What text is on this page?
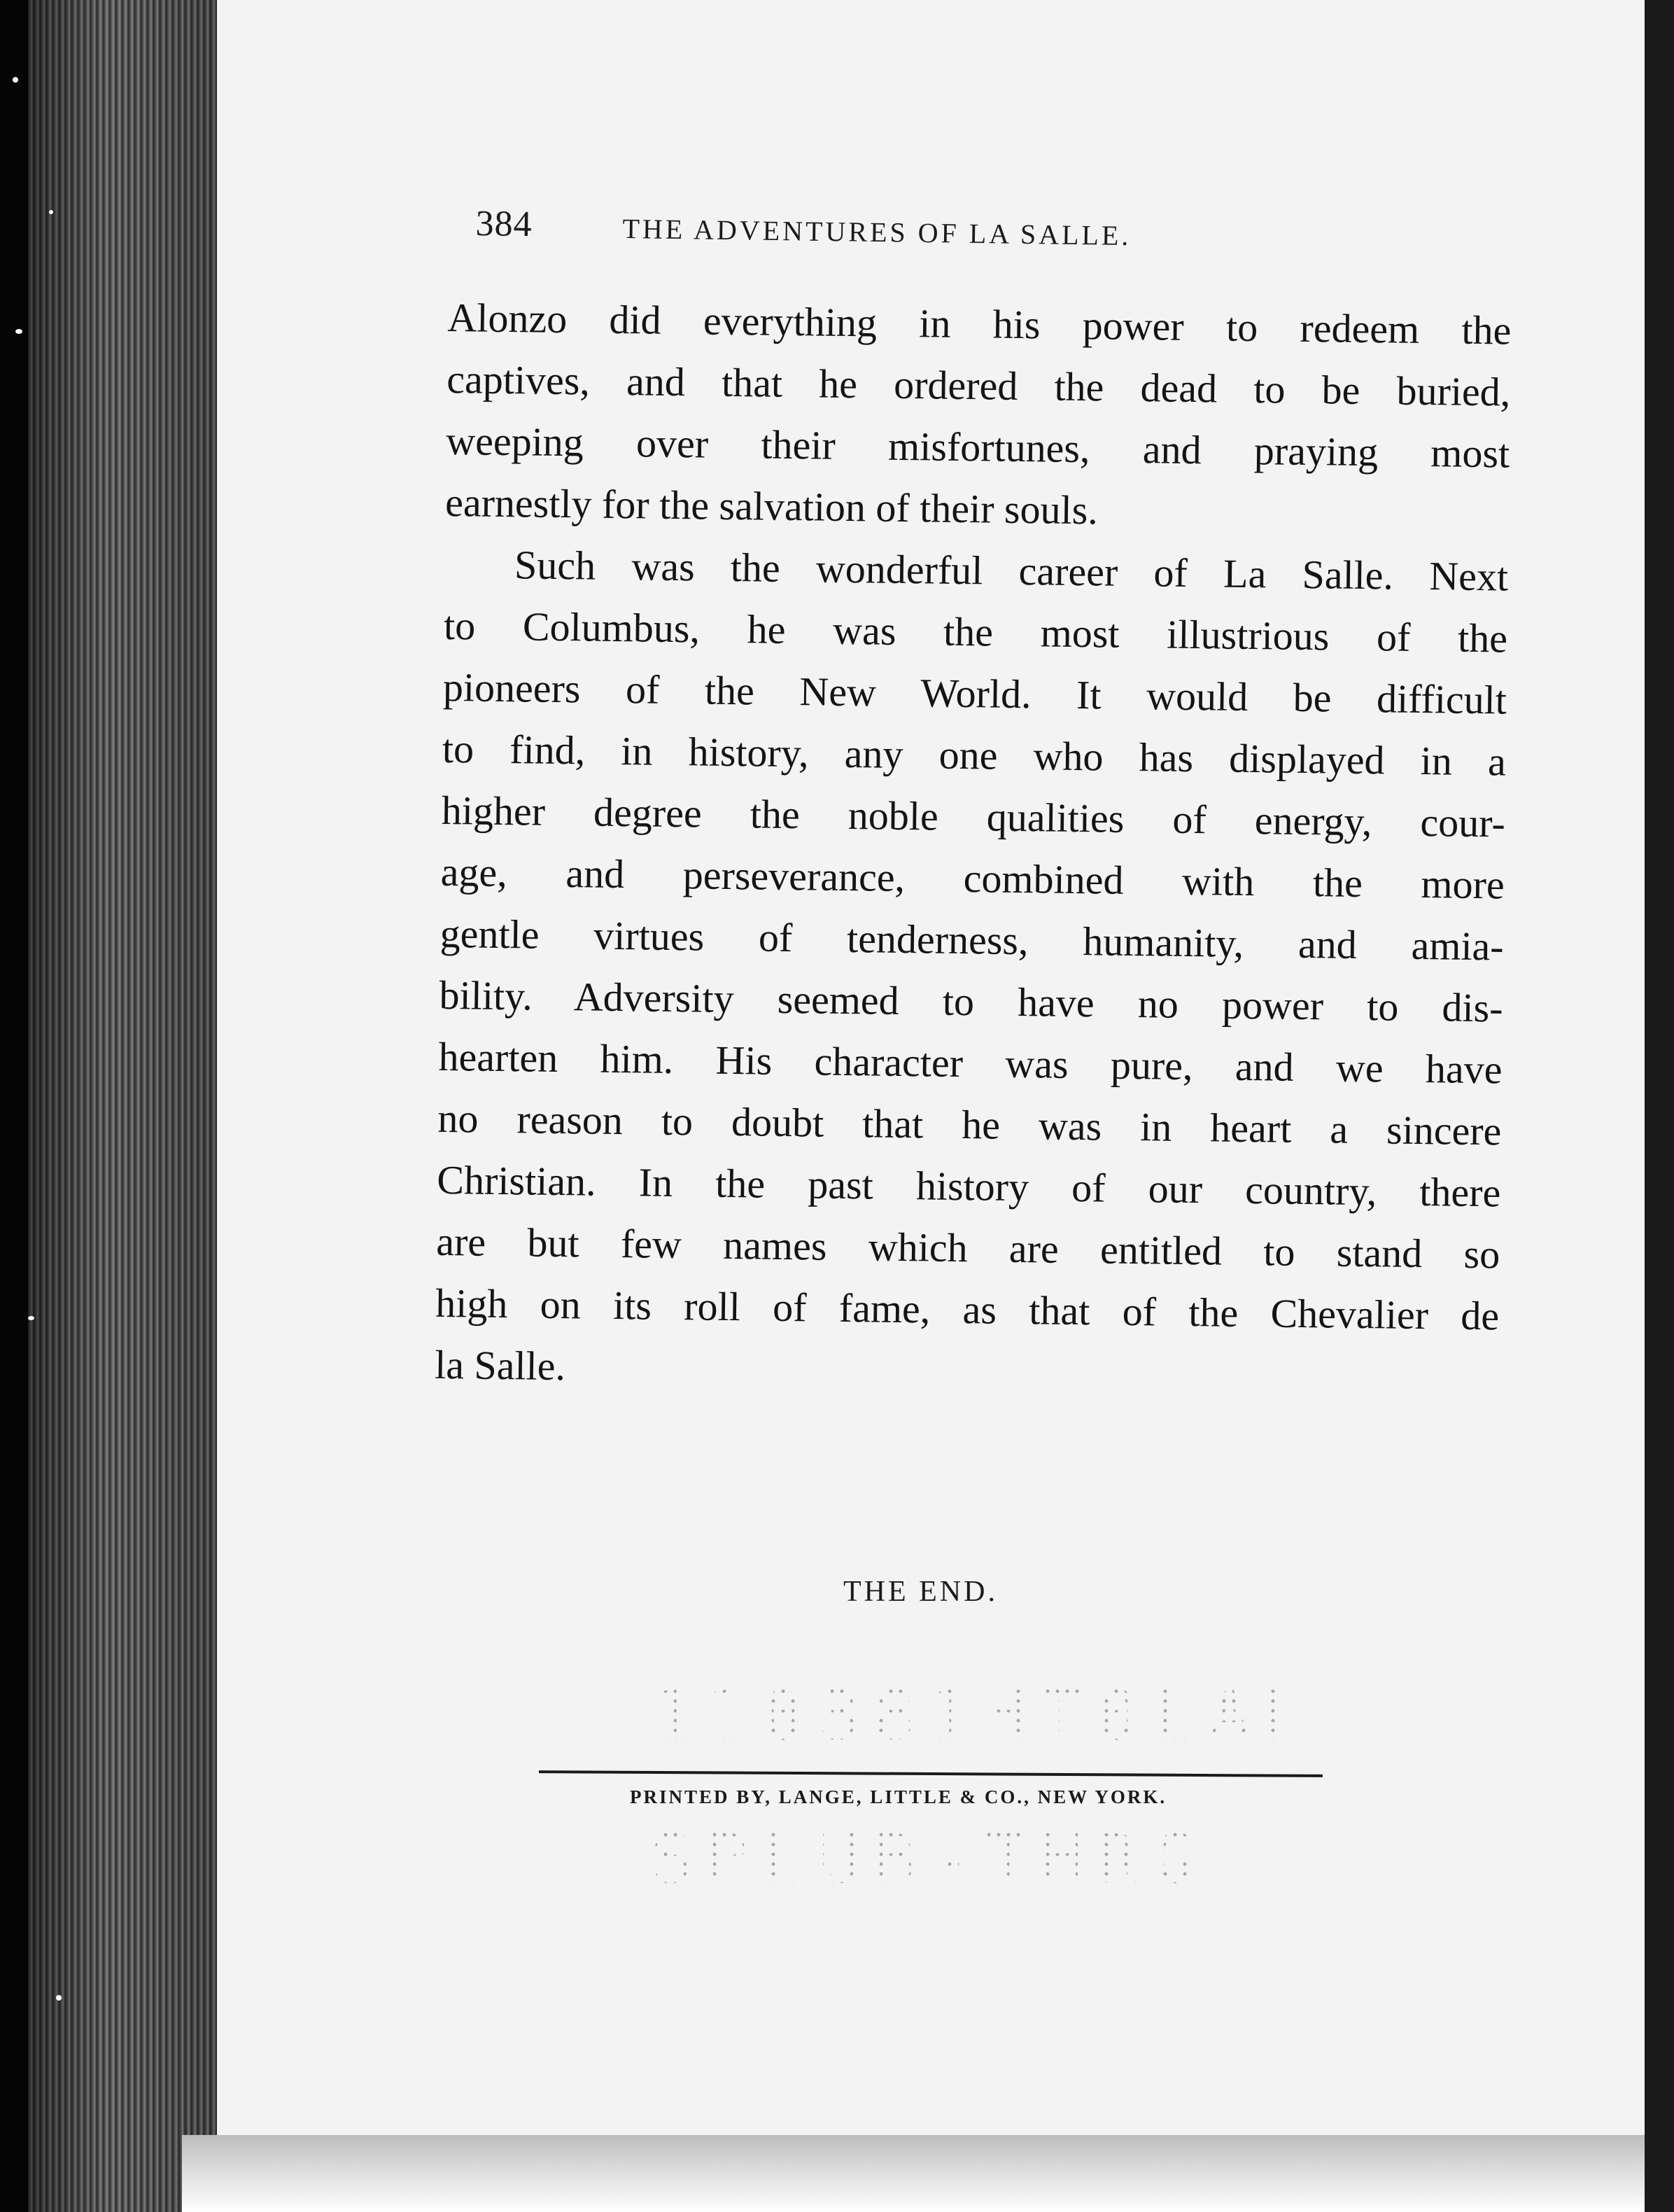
384	THE ADVENTURES OF LA SALLE.

Alonzo did everything in his power to redeem the
captives, and that he ordered the dead to be buried,
weeping over their misfortunes, and praying most
earnestly for the salvation of their souls.

Such was the wonderful career of La Salle. Next
to Columbus, he was the most illustrious of the
pioneers of the New World. It would be difficult
to find, in history, any one who has displayed in a
higher degree the noble qualities of energy, cour-
age, and perseverance, combined with the more
gentle virtues of tenderness, humanity, and amia-
bility. Adversity seemed to have no power to dis-
hearten him. His character was pure, and we have
no reason to doubt that he was in heart a sincere
Christian. In the past history of our country, there
are but few names which are entitled to stand so
high on its roll of fame, as that of the Chevalier de
la Salle.

THE END.
110381HT0LANA
PRINTED BY, LANGE, LITTLE & CO., NEW YORK.
SPLUB-THRG
